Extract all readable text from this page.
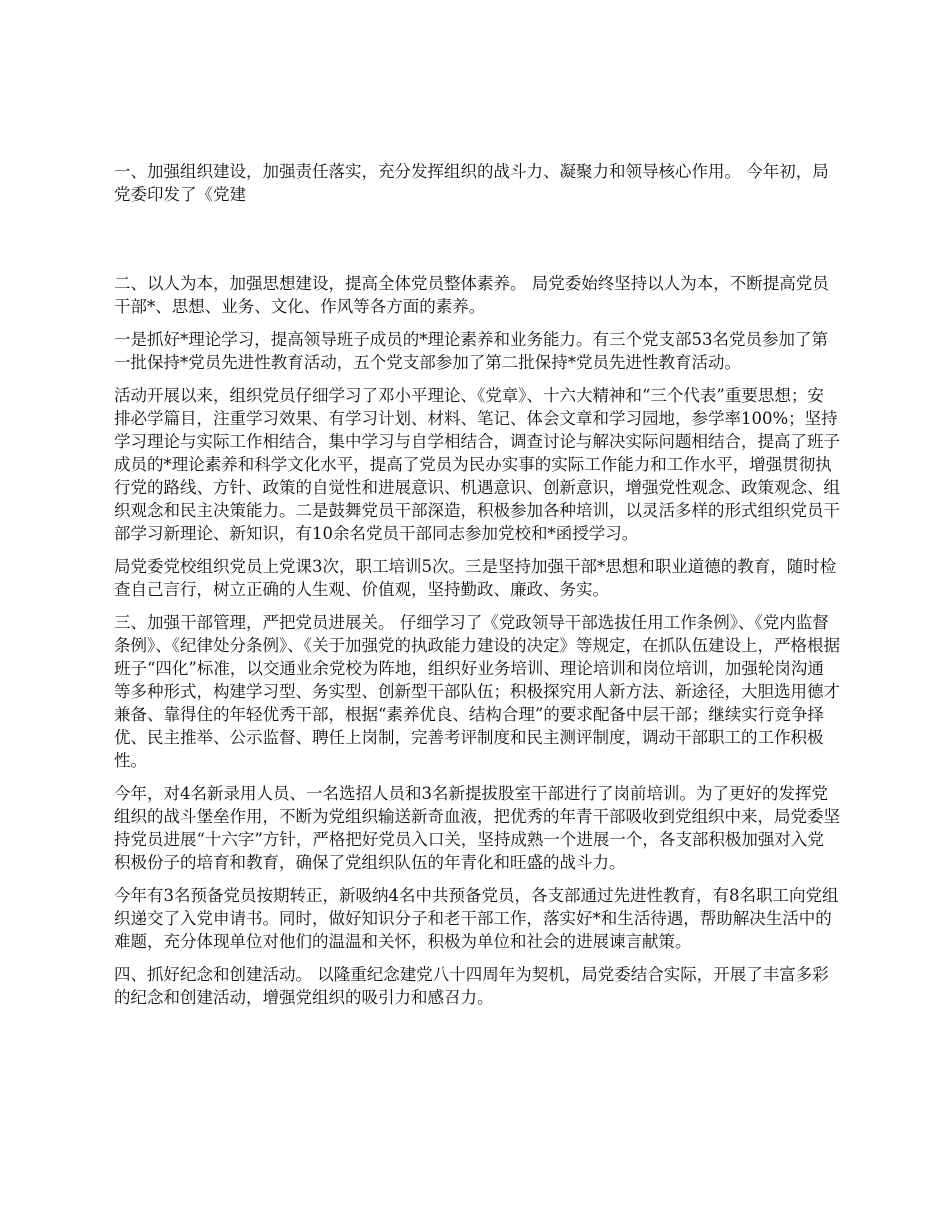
一、加强组织建设，加强责任落实，充分发挥组织的战斗力、凝聚力和领导核心作用。 今年初，局党委印发了《党建

二、以人为本，加强思想建设，提高全体党员整体素养。 局党委始终坚持以人为本，不断提高党员干部*、思想、业务、文化、作风等各方面的素养。

一是抓好*理论学习，提高领导班子成员的*理论素养和业务能力。有三个党支部53名党员参加了第一批保持*党员先进性教育活动，五个党支部参加了第二批保持*党员先进性教育活动。

活动开展以来，组织党员仔细学习了邓小平理论、《党章》、十六大精神和“三个代表”重要思想；安排必学篇目，注重学习效果、有学习计划、材料、笔记、体会文章和学习园地，参学率100%；坚持学习理论与实际工作相结合，集中学习与自学相结合，调查讨论与解决实际问题相结合，提高了班子成员的*理论素养和科学文化水平，提高了党员为民办实事的实际工作能力和工作水平，增强贯彻执行党的路线、方针、政策的自觉性和进展意识、机遇意识、创新意识，增强党性观念、政策观念、组织观念和民主决策能力。二是鼓舞党员干部深造，积极参加各种培训，以灵活多样的形式组织党员干部学习新理论、新知识，有10余名党员干部同志参加党校和*函授学习。

局党委党校组织党员上党课3次，职工培训5次。三是坚持加强干部*思想和职业道德的教育，随时检查自己言行，树立正确的人生观、价值观，坚持勤政、廉政、务实。

三、加强干部管理，严把党员进展关。 仔细学习了《党政领导干部选拔任用工作条例》、《党内监督条例》、《纪律处分条例》、《关于加强党的执政能力建设的决定》等规定，在抓队伍建设上，严格根据班子“四化”标准，以交通业余党校为阵地，组织好业务培训、理论培训和岗位培训，加强轮岗沟通等多种形式，构建学习型、务实型、创新型干部队伍；积极探究用人新方法、新途径，大胆选用德才兼备、靠得住的年轻优秀干部，根据“素养优良、结构合理”的要求配备中层干部；继续实行竞争择优、民主推举、公示监督、聘任上岗制，完善考评制度和民主测评制度，调动干部职工的工作积极性。

今年，对4名新录用人员、一名选招人员和3名新提拔股室干部进行了岗前培训。为了更好的发挥党组织的战斗堡垒作用，不断为党组织输送新奇血液，把优秀的年青干部吸收到党组织中来，局党委坚持党员进展“十六字”方针，严格把好党员入口关，坚持成熟一个进展一个，各支部积极加强对入党积极份子的培育和教育，确保了党组织队伍的年青化和旺盛的战斗力。

今年有3名预备党员按期转正，新吸纳4名中共预备党员，各支部通过先进性教育，有8名职工向党组织递交了入党申请书。同时，做好知识分子和老干部工作，落实好*和生活待遇，帮助解决生活中的难题，充分体现单位对他们的温温和关怀，积极为单位和社会的进展谏言献策。

四、抓好纪念和创建活动。 以隆重纪念建党八十四周年为契机，局党委结合实际，开展了丰富多彩的纪念和创建活动，增强党组织的吸引力和感召力。
